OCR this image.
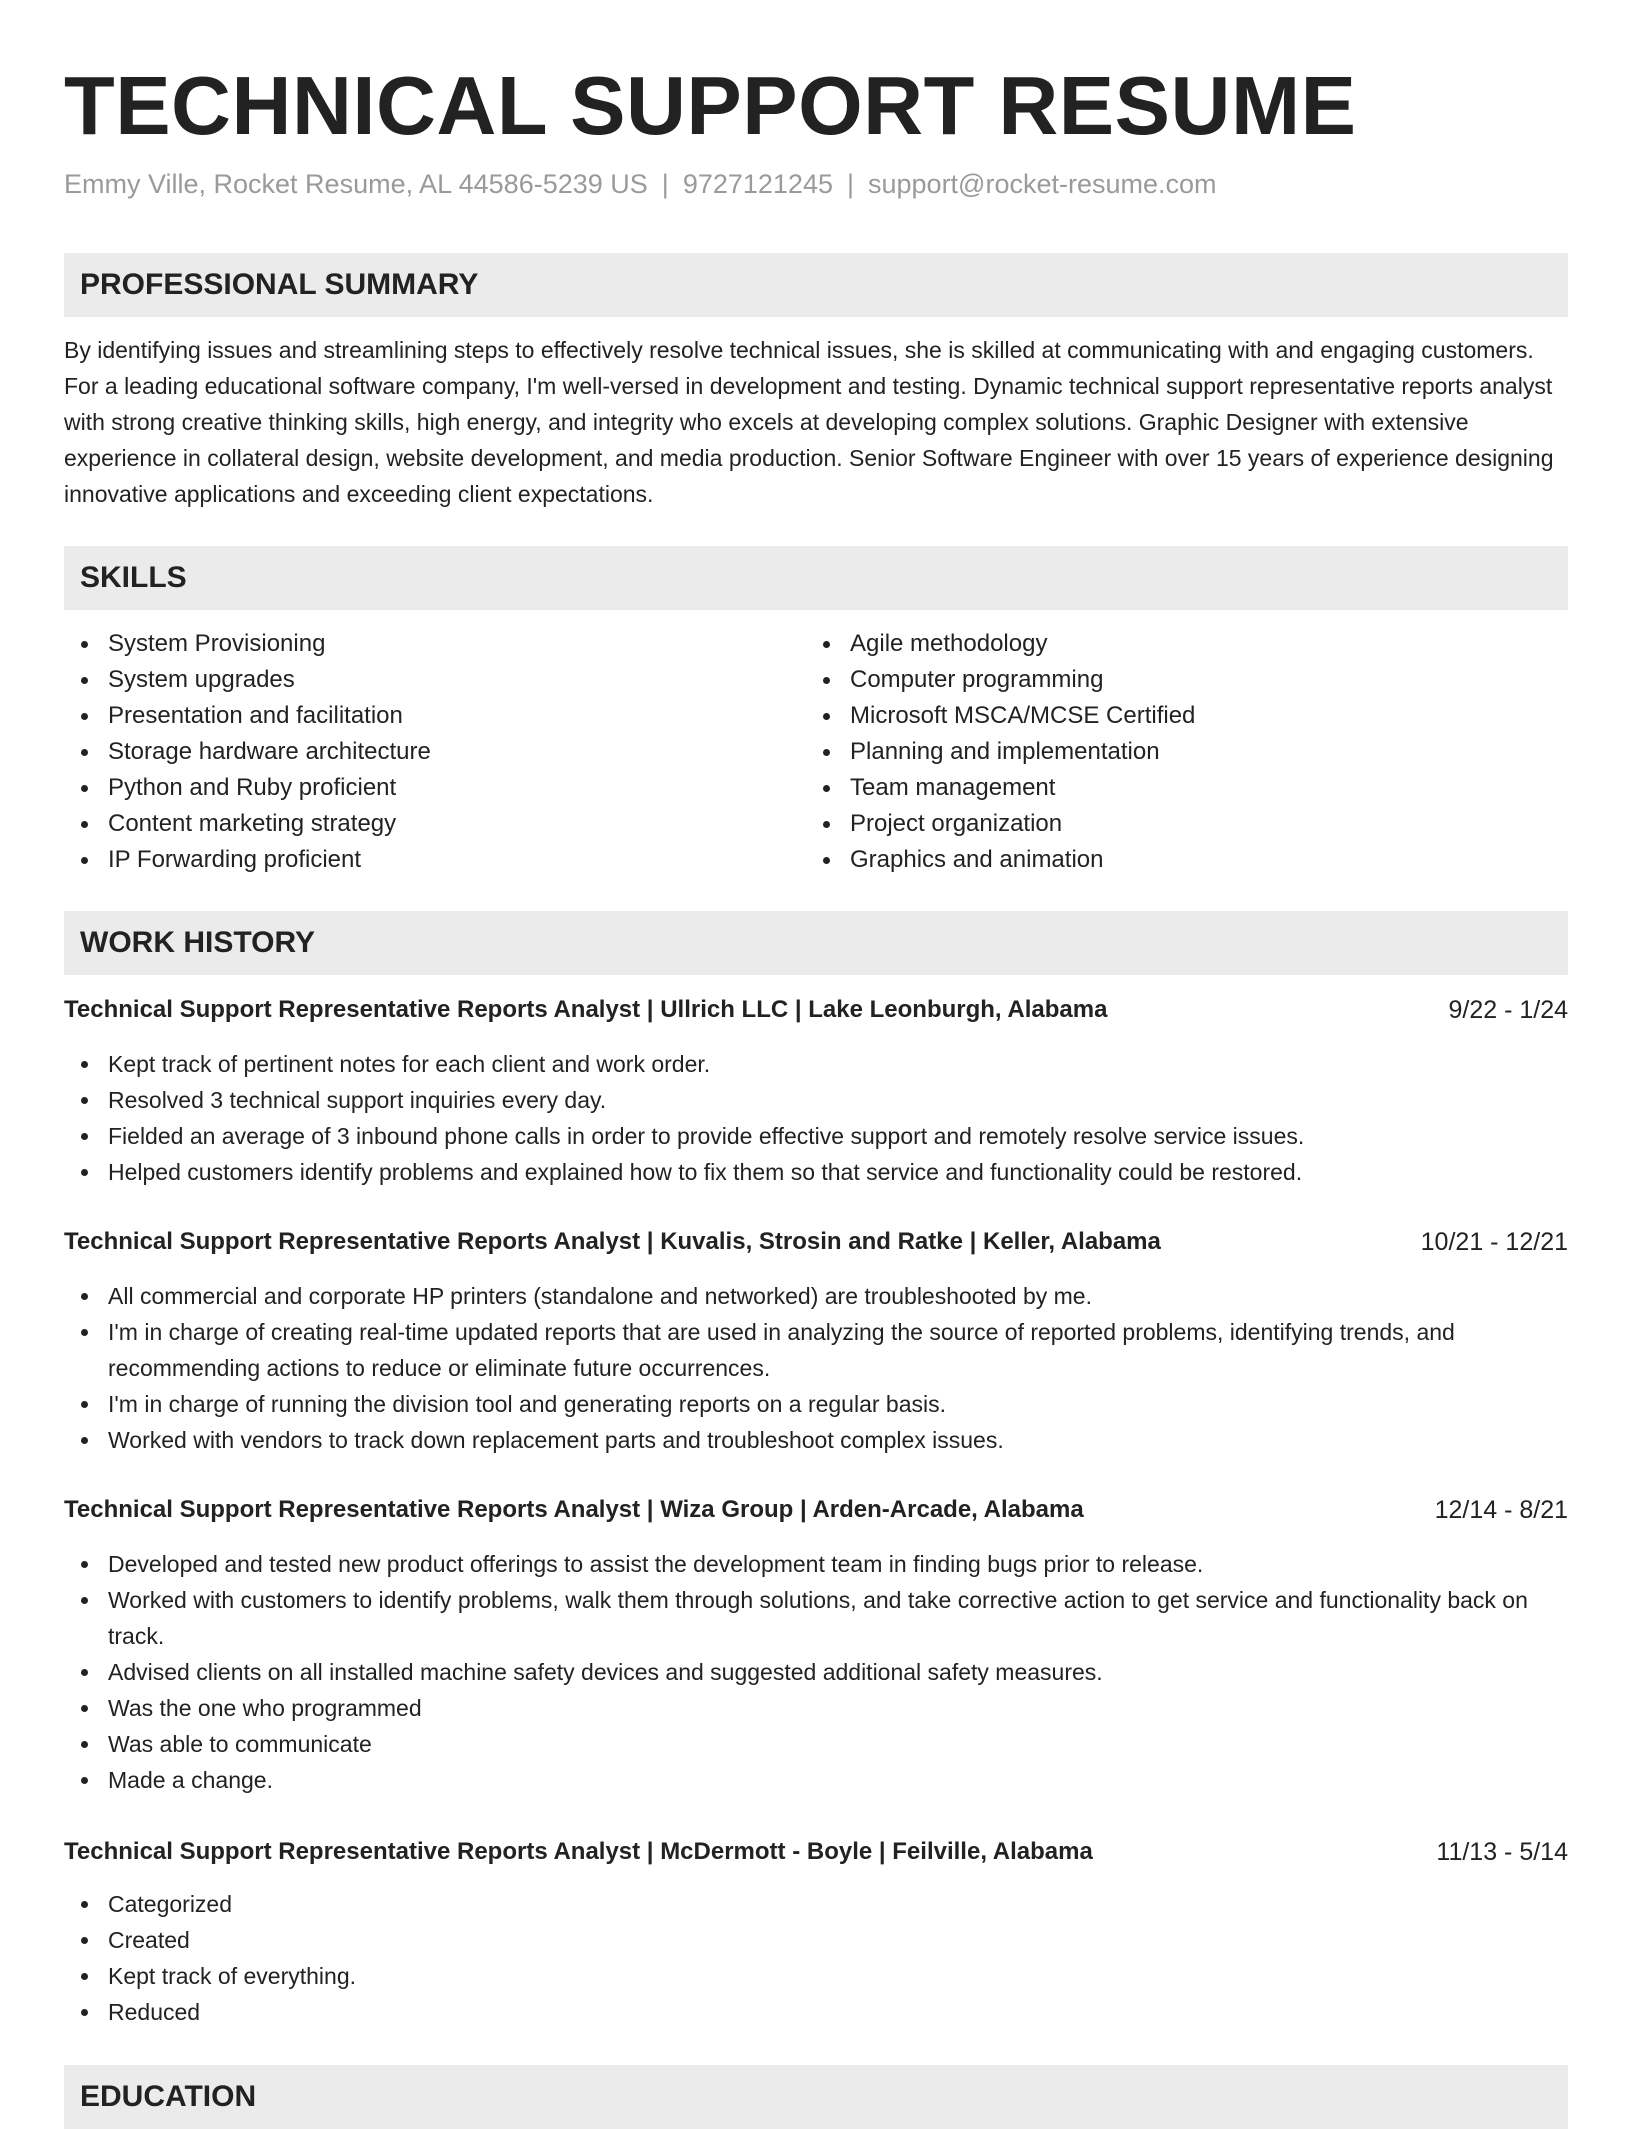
TECHNICAL SUPPORT RESUME
Emmy Ville, Rocket Resume, AL 44586-5239 US | 9727121245 | support@rocket-resume.com
PROFESSIONAL SUMMARY

By identifying issues and streamlining steps to effectively resolve technical issues, she is skilled at communicating with and engaging customers. For a leading educational software company, I'm well-versed in development and testing. Dynamic technical support representative reports analyst with strong creative thinking skills, high energy, and integrity who excels at developing complex solutions. Graphic Designer with extensive experience in collateral design, website development, and media production. Senior Software Engineer with over 15 years of experience designing innovative applications and exceeding client expectations.

SKILLS
System Provisioning
System upgrades
Presentation and facilitation
Storage hardware architecture
Python and Ruby proficient
Content marketing strategy
IP Forwarding proficient
Agile methodology
Computer programming
Microsoft MSCA/MCSE Certified
Planning and implementation
Team management
Project organization
Graphics and animation
WORK HISTORY
Technical Support Representative Reports Analyst | Ullrich LLC | Lake Leonburgh, Alabama	9/22 - 1/24
Kept track of pertinent notes for each client and work order.
Resolved 3 technical support inquiries every day.
Fielded an average of 3 inbound phone calls in order to provide effective support and remotely resolve service issues.
Helped customers identify problems and explained how to fix them so that service and functionality could be restored.
Technical Support Representative Reports Analyst | Kuvalis, Strosin and Ratke | Keller, Alabama	10/21 - 12/21
All commercial and corporate HP printers (standalone and networked) are troubleshooted by me.
I'm in charge of creating real-time updated reports that are used in analyzing the source of reported problems, identifying trends, and recommending actions to reduce or eliminate future occurrences.
I'm in charge of running the division tool and generating reports on a regular basis.
Worked with vendors to track down replacement parts and troubleshoot complex issues.
Technical Support Representative Reports Analyst | Wiza Group | Arden-Arcade, Alabama	12/14 - 8/21
Developed and tested new product offerings to assist the development team in finding bugs prior to release.
Worked with customers to identify problems, walk them through solutions, and take corrective action to get service and functionality back on track.
Advised clients on all installed machine safety devices and suggested additional safety measures.
Was the one who programmed
Was able to communicate
Made a change.
Technical Support Representative Reports Analyst | McDermott - Boyle | Feilville, Alabama	11/13 - 5/14
Categorized
Created
Kept track of everything.
Reduced
EDUCATION
